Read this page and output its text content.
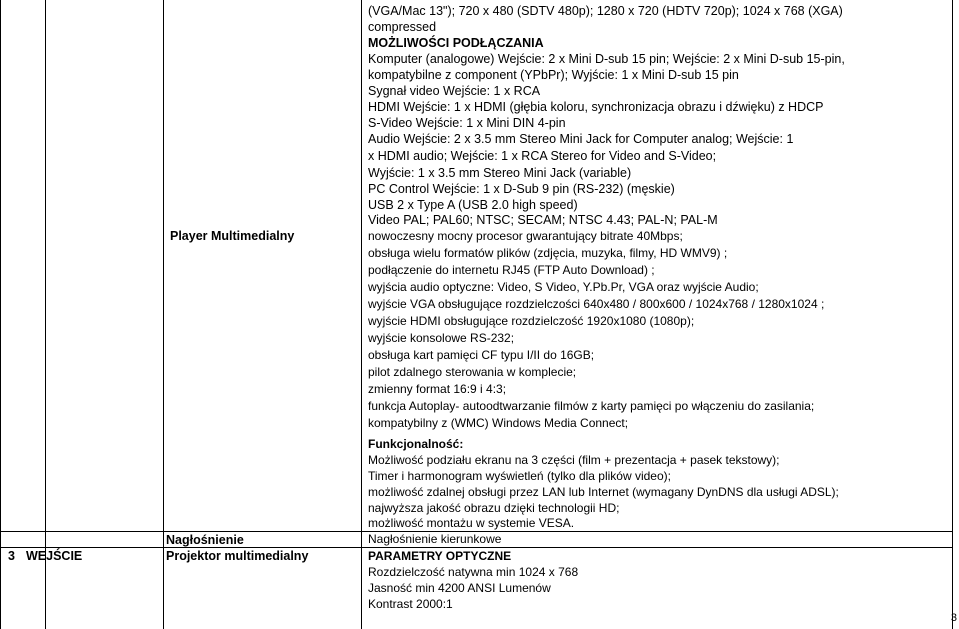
Player Multimedialny
Nagłośnienie
3 WEJŚCIE	Projektor multimedialny
(VGA/Mac 13"); 720 x 480 (SDTV 480p); 1280 x 720 (HDTV 720p); 1024 x 768 (XGA)
compressed
MOŻLIWOŚCI PODŁĄCZANIA
Komputer (analogowe) Wejście: 2 x Mini D-sub 15 pin; Wejście: 2 x Mini D-sub 15-pin,
kompatybilne z component (YPbPr); Wyjście: 1 x Mini D-sub 15 pin
Sygnał video Wejście: 1 x RCA
HDMI Wejście: 1 x HDMI (głębia koloru, synchronizacja obrazu i dźwięku) z HDCP
S-Video Wejście: 1 x Mini DIN 4-pin
Audio Wejście: 2 x 3.5 mm Stereo Mini Jack for Computer analog; Wejście: 1
x HDMI audio; Wejście: 1 x RCA Stereo for Video and S-Video;
Wyjście: 1 x 3.5 mm Stereo Mini Jack (variable)
PC Control Wejście: 1 x D-Sub 9 pin (RS-232) (męskie)
USB 2 x Type A (USB 2.0 high speed)
Video PAL; PAL60; NTSC; SECAM; NTSC 4.43; PAL-N; PAL-M
nowoczesny mocny procesor gwarantujący bitrate 40Mbps;
obsługa wielu formatów plików (zdjęcia, muzyka, filmy, HD WMV9) ;
podłączenie do internetu RJ45 (FTP Auto Download) ;
wyjścia audio optyczne: Video, S Video, Y.Pb.Pr, VGA oraz wyjście Audio;
wyjście VGA obsługujące rozdzielczości 640x480 / 800x600 / 1024x768 / 1280x1024 ;
wyjście HDMI obsługujące rozdzielczość 1920x1080 (1080p);
wyjście konsolowe RS-232;
obsługa kart pamięci CF typu I/II do 16GB;
pilot zdalnego sterowania w komplecie;
zmienny format 16:9 i 4:3;
funkcja Autoplay- autoodtwarzanie filmów z karty pamięci po włączeniu do zasilania;
kompatybilny z (WMC) Windows Media Connect;
Funkcjonalność:
Możliwość podziału ekranu na 3 części (film + prezentacja + pasek tekstowy);
Timer i harmonogram wyświetleń (tylko dla plików video);
możliwość zdalnej obsługi przez LAN lub Internet (wymagany DynDNS dla usługi ADSL);
najwyższa jakość obrazu dzięki technologii HD;
możliwość montażu w systemie VESA.
Nagłośnienie kierunkowe
PARAMETRY OPTYCZNE
Rozdzielczość natywna min 1024 x 768
Jasność min 4200 ANSI Lumenów
Kontrast 2000:1
3
